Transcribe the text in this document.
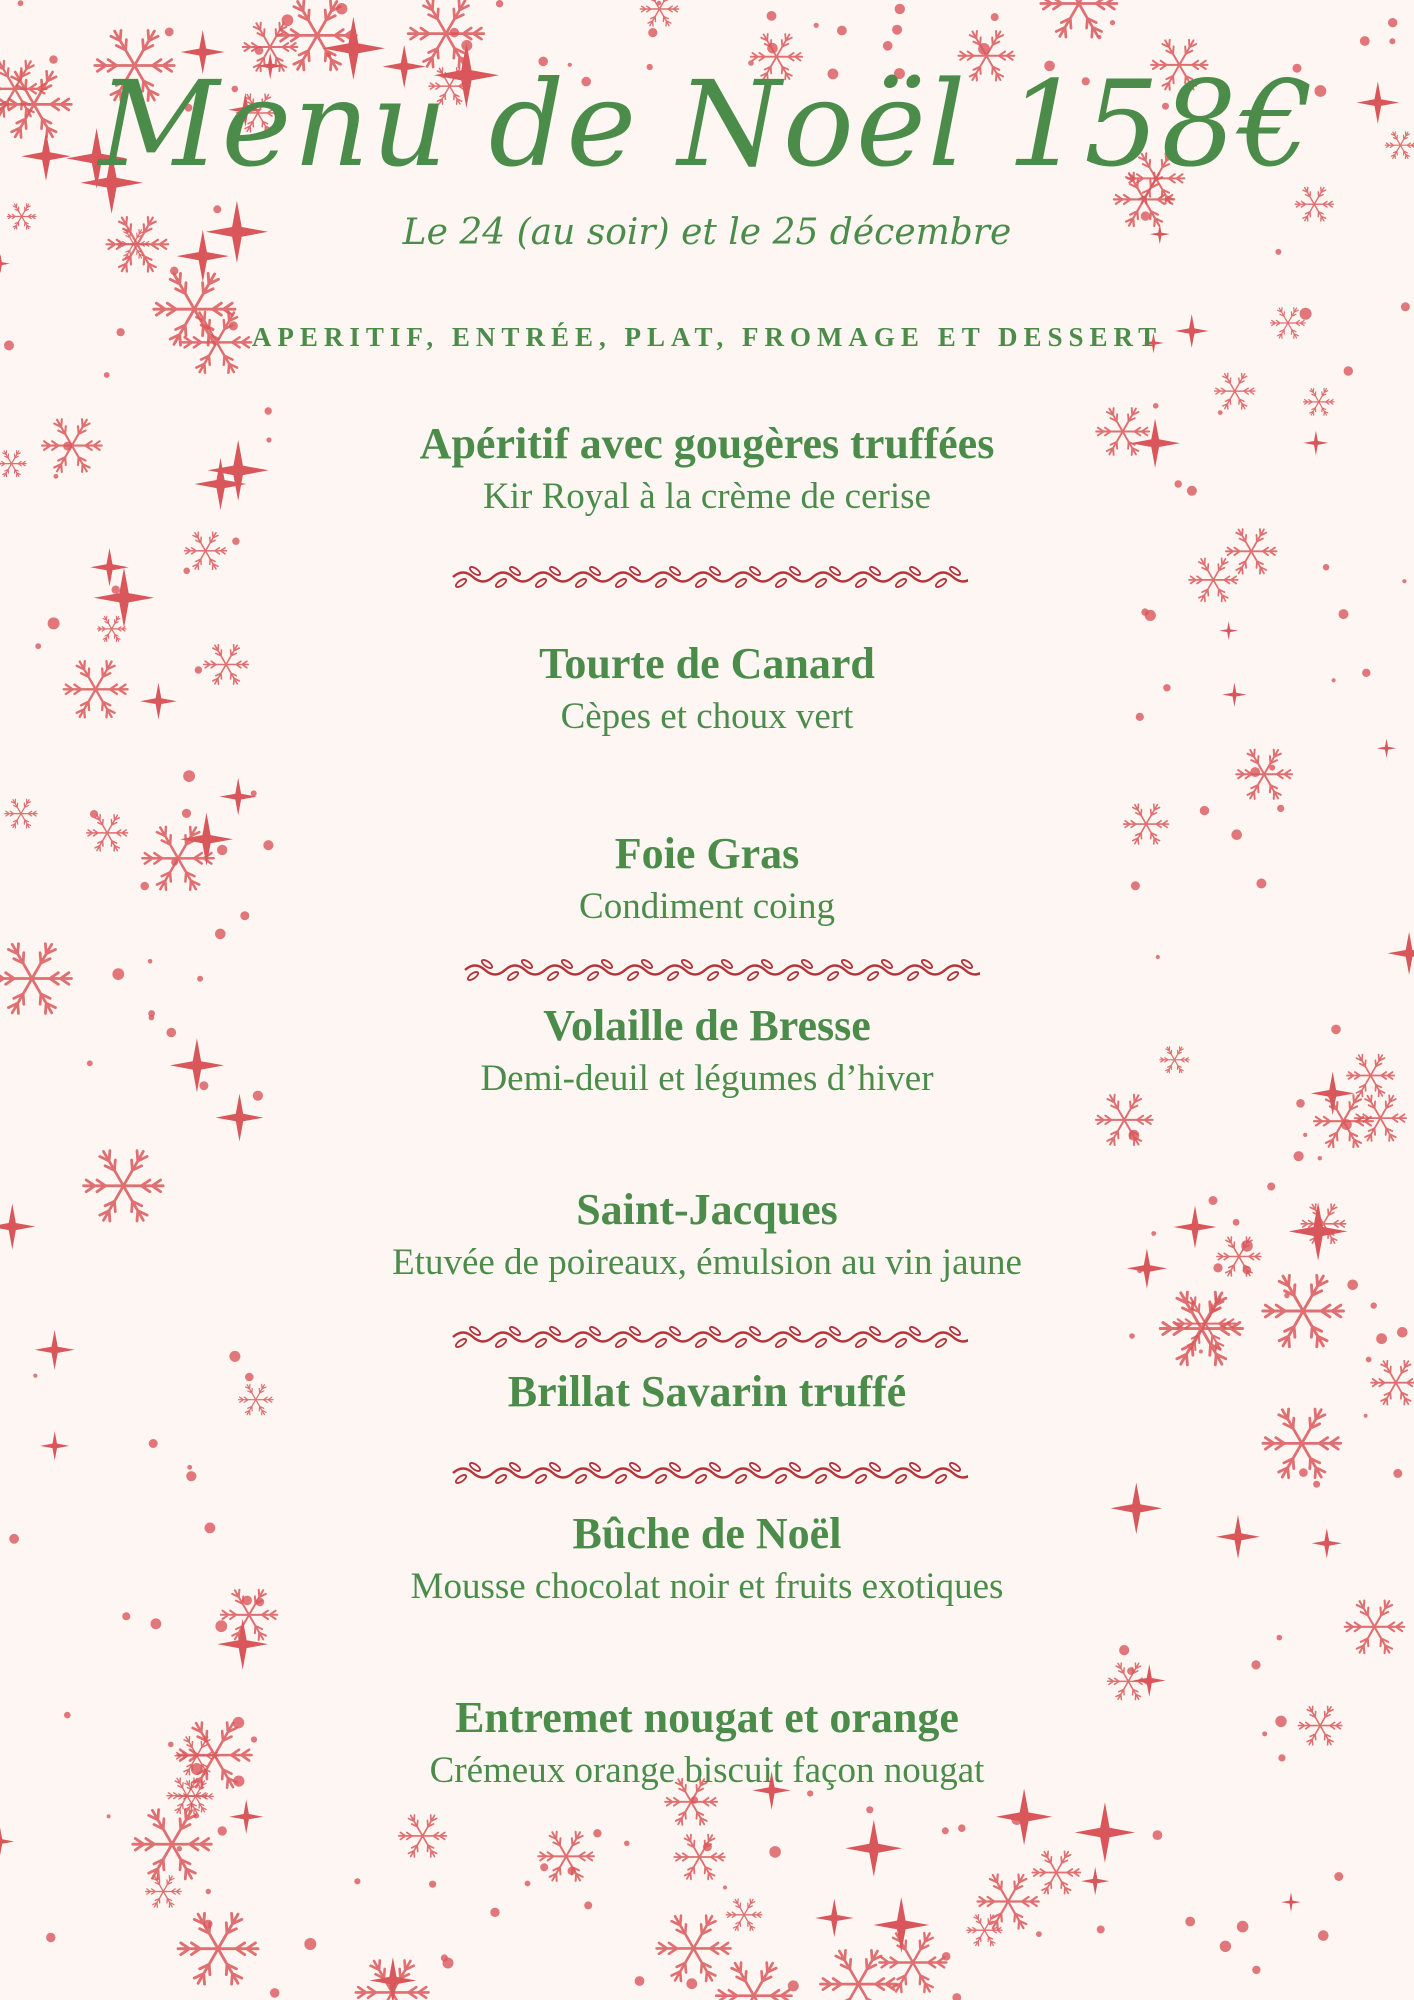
Menu de Noël 158€
Le 24 (au soir) et le 25 décembre
APERITIF, ENTRÉE, PLAT, FROMAGE ET DESSERT
Apéritif avec gougères truffées
Kir Royal à la crème de cerise
Tourte de Canard
Cèpes et choux vert
Foie Gras
Condiment coing
Volaille de Bresse
Demi-deuil et légumes d’hiver
Saint-Jacques
Etuvée de poireaux, émulsion au vin jaune
Brillat Savarin truffé
Bûche de Noël
Mousse chocolat noir et fruits exotiques
Entremet nougat et orange
Crémeux orange biscuit façon nougat
